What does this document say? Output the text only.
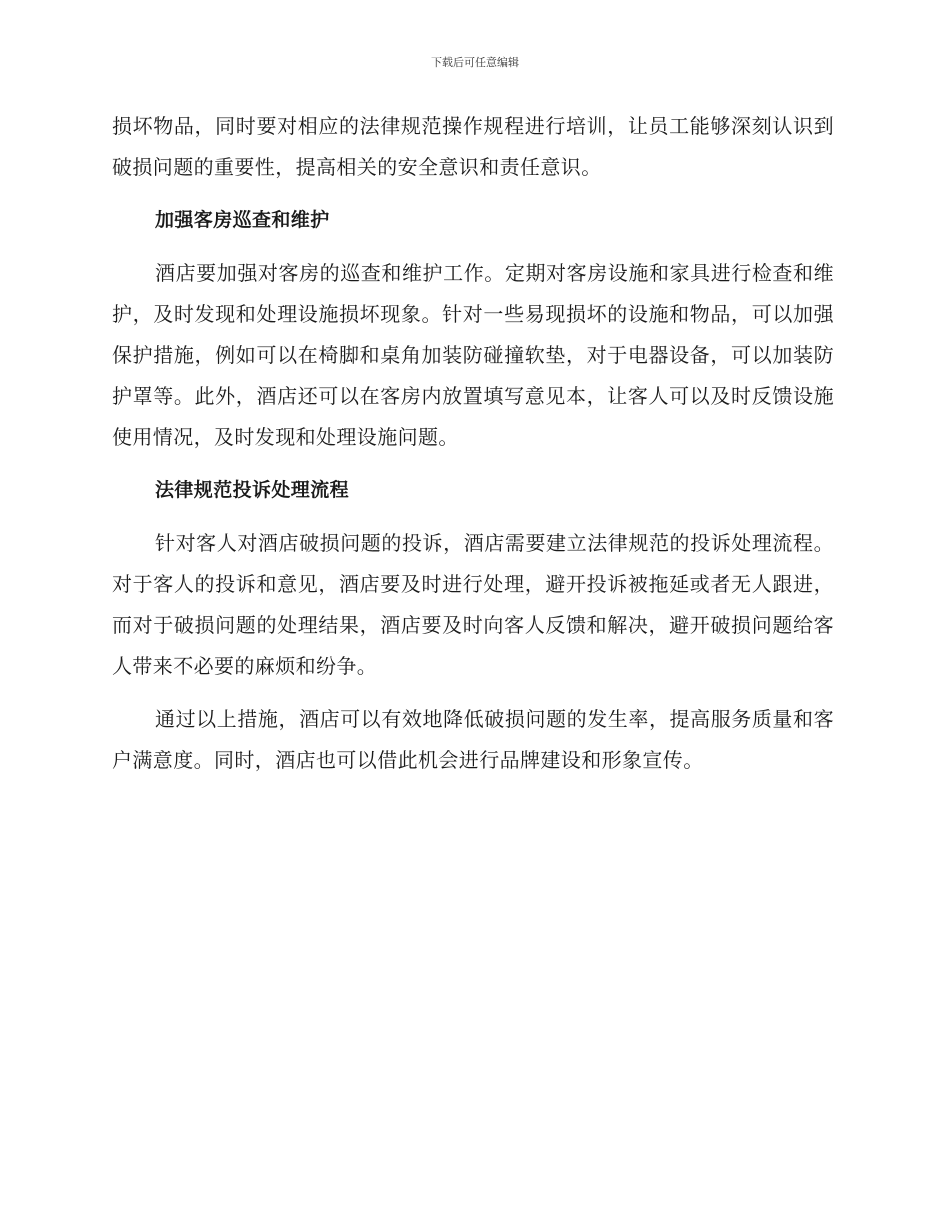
下载后可任意编辑

损坏物品，同时要对相应的法律规范操作规程进行培训，让员工能够深刻认识到破损问题的重要性，提高相关的安全意识和责任意识。

加强客房巡查和维护

酒店要加强对客房的巡查和维护工作。定期对客房设施和家具进行检查和维护，及时发现和处理设施损坏现象。针对一些易现损坏的设施和物品，可以加强保护措施，例如可以在椅脚和桌角加装防碰撞软垫，对于电器设备，可以加装防护罩等。此外，酒店还可以在客房内放置填写意见本，让客人可以及时反馈设施使用情况，及时发现和处理设施问题。

法律规范投诉处理流程

针对客人对酒店破损问题的投诉，酒店需要建立法律规范的投诉处理流程。对于客人的投诉和意见，酒店要及时进行处理，避开投诉被拖延或者无人跟进，而对于破损问题的处理结果，酒店要及时向客人反馈和解决，避开破损问题给客人带来不必要的麻烦和纷争。

通过以上措施，酒店可以有效地降低破损问题的发生率，提高服务质量和客户满意度。同时，酒店也可以借此机会进行品牌建设和形象宣传。
